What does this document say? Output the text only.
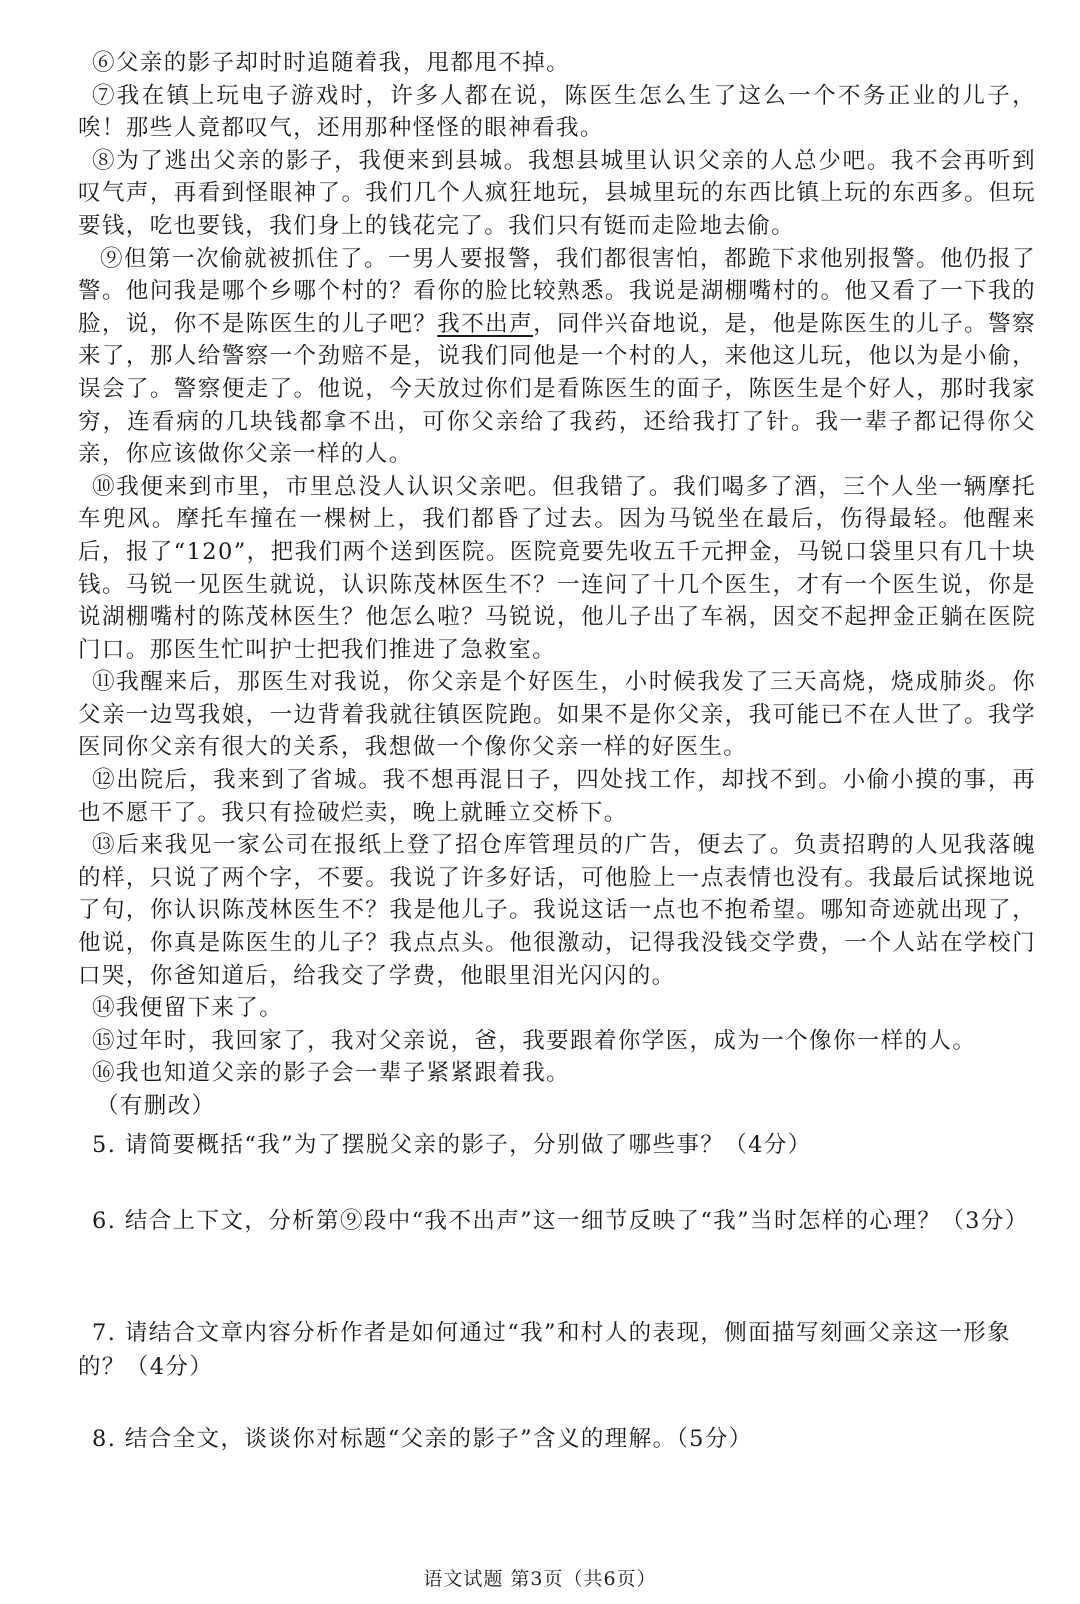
⑥父亲的影子却时时追随着我，甩都甩不掉。

⑦我在镇上玩电子游戏时，许多人都在说，陈医生怎么生了这么一个不务正业的儿子，唉！那些人竟都叹气，还用那种怪怪的眼神看我。

⑧为了逃出父亲的影子，我便来到县城。我想县城里认识父亲的人总少吧。我不会再听到叹气声，再看到怪眼神了。我们几个人疯狂地玩，县城里玩的东西比镇上玩的东西多。但玩要钱，吃也要钱，我们身上的钱花完了。我们只有铤而走险地去偷。

⑨但第一次偷就被抓住了。一男人要报警，我们都很害怕，都跪下求他别报警。他仍报了警。他问我是哪个乡哪个村的？看你的脸比较熟悉。我说是湖棚嘴村的。他又看了一下我的脸，说，你不是陈医生的儿子吧？我不出声，同伴兴奋地说，是，他是陈医生的儿子。警察来了，那人给警察一个劲赔不是，说我们同他是一个村的人，来他这儿玩，他以为是小偷，误会了。警察便走了。他说，今天放过你们是看陈医生的面子，陈医生是个好人，那时我家穷，连看病的几块钱都拿不出，可你父亲给了我药，还给我打了针。我一辈子都记得你父亲，你应该做你父亲一样的人。

⑩我便来到市里，市里总没人认识父亲吧。但我错了。我们喝多了酒，三个人坐一辆摩托车兜风。摩托车撞在一棵树上，我们都昏了过去。因为马锐坐在最后，伤得最轻。他醒来后，报了“120”，把我们两个送到医院。医院竟要先收五千元押金，马锐口袋里只有几十块钱。马锐一见医生就说，认识陈茂林医生不？一连问了十几个医生，才有一个医生说，你是说湖棚嘴村的陈茂林医生？他怎么啦？马锐说，他儿子出了车祸，因交不起押金正躺在医院门口。那医生忙叫护士把我们推进了急救室。

⑪我醒来后，那医生对我说，你父亲是个好医生，小时候我发了三天高烧，烧成肺炎。你父亲一边骂我娘，一边背着我就往镇医院跑。如果不是你父亲，我可能已不在人世了。我学医同你父亲有很大的关系，我想做一个像你父亲一样的好医生。

⑫出院后，我来到了省城。我不想再混日子，四处找工作，却找不到。小偷小摸的事，再也不愿干了。我只有捡破烂卖，晚上就睡立交桥下。

⑬后来我见一家公司在报纸上登了招仓库管理员的广告，便去了。负责招聘的人见我落魄的样，只说了两个字，不要。我说了许多好话，可他脸上一点表情也没有。我最后试探地说了句，你认识陈茂林医生不？我是他儿子。我说这话一点也不抱希望。哪知奇迹就出现了，他说，你真是陈医生的儿子？我点点头。他很激动，记得我没钱交学费，一个人站在学校门口哭，你爸知道后，给我交了学费，他眼里泪光闪闪的。

⑭我便留下来了。

⑮过年时，我回家了，我对父亲说，爸，我要跟着你学医，成为一个像你一样的人。

⑯我也知道父亲的影子会一辈子紧紧跟着我。

（有删改）

5. 请简要概括“我”为了摆脱父亲的影子，分别做了哪些事？（4分）

6. 结合上下文，分析第⑨段中“我不出声”这一细节反映了“我”当时怎样的心理？（3分）

7. 请结合文章内容分析作者是如何通过“我”和村人的表现，侧面描写刻画父亲这一形象的？（4分）

8. 结合全文，谈谈你对标题“父亲的影子”含义的理解。（5分）

语文试题 第3页（共6页）
